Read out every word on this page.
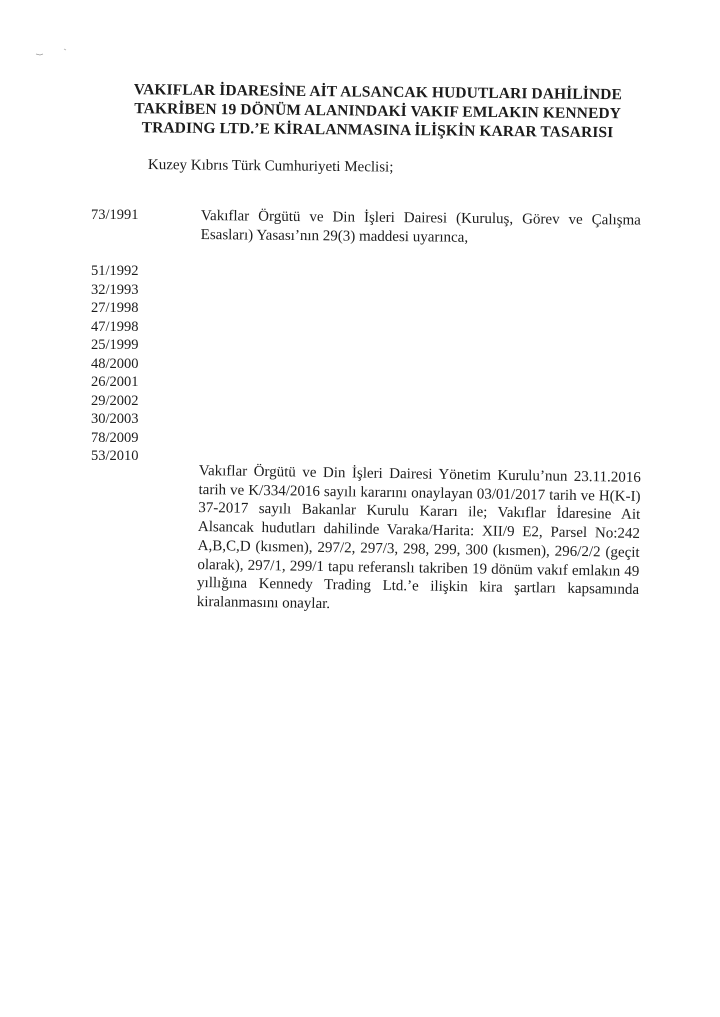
VAKIFLAR İDARESİNE AİT ALSANCAK HUDUTLARI DAHİLİNDE
TAKRİBEN 19 DÖNÜM ALANINDAKİ VAKIF EMLAKIN KENNEDY
TRADING LTD.’E KİRALANMASINA İLİŞKİN KARAR TASARISI
Kuzey Kıbrıs Türk Cumhuriyeti Meclisi;
73/1991
51/1992
32/1993
27/1998
47/1998
25/1999
48/2000
26/2001
29/2002
30/2003
78/2009
53/2010
Vakıflar Örgütü ve Din İşleri Dairesi (Kuruluş, Görev ve Çalışma Esasları) Yasası’nın 29(3) maddesi uyarınca,
Vakıflar Örgütü ve Din İşleri Dairesi Yönetim Kurulu’nun 23.11.2016 tarih ve K/334/2016 sayılı kararını onaylayan 03/01/2017 tarih ve H(K-I) 37-2017 sayılı Bakanlar Kurulu Kararı ile; Vakıflar İdaresine Ait Alsancak hudutları dahilinde Varaka/Harita: XII/9 E2, Parsel No:242 A,B,C,D (kısmen), 297/2, 297/3, 298, 299, 300 (kısmen), 296/2/2 (geçit olarak), 297/1, 299/1 tapu referanslı takriben 19 dönüm vakıf emlakın 49 yıllığına Kennedy Trading Ltd.’e ilişkin kira şartları kapsamında kiralanmasını onaylar.
